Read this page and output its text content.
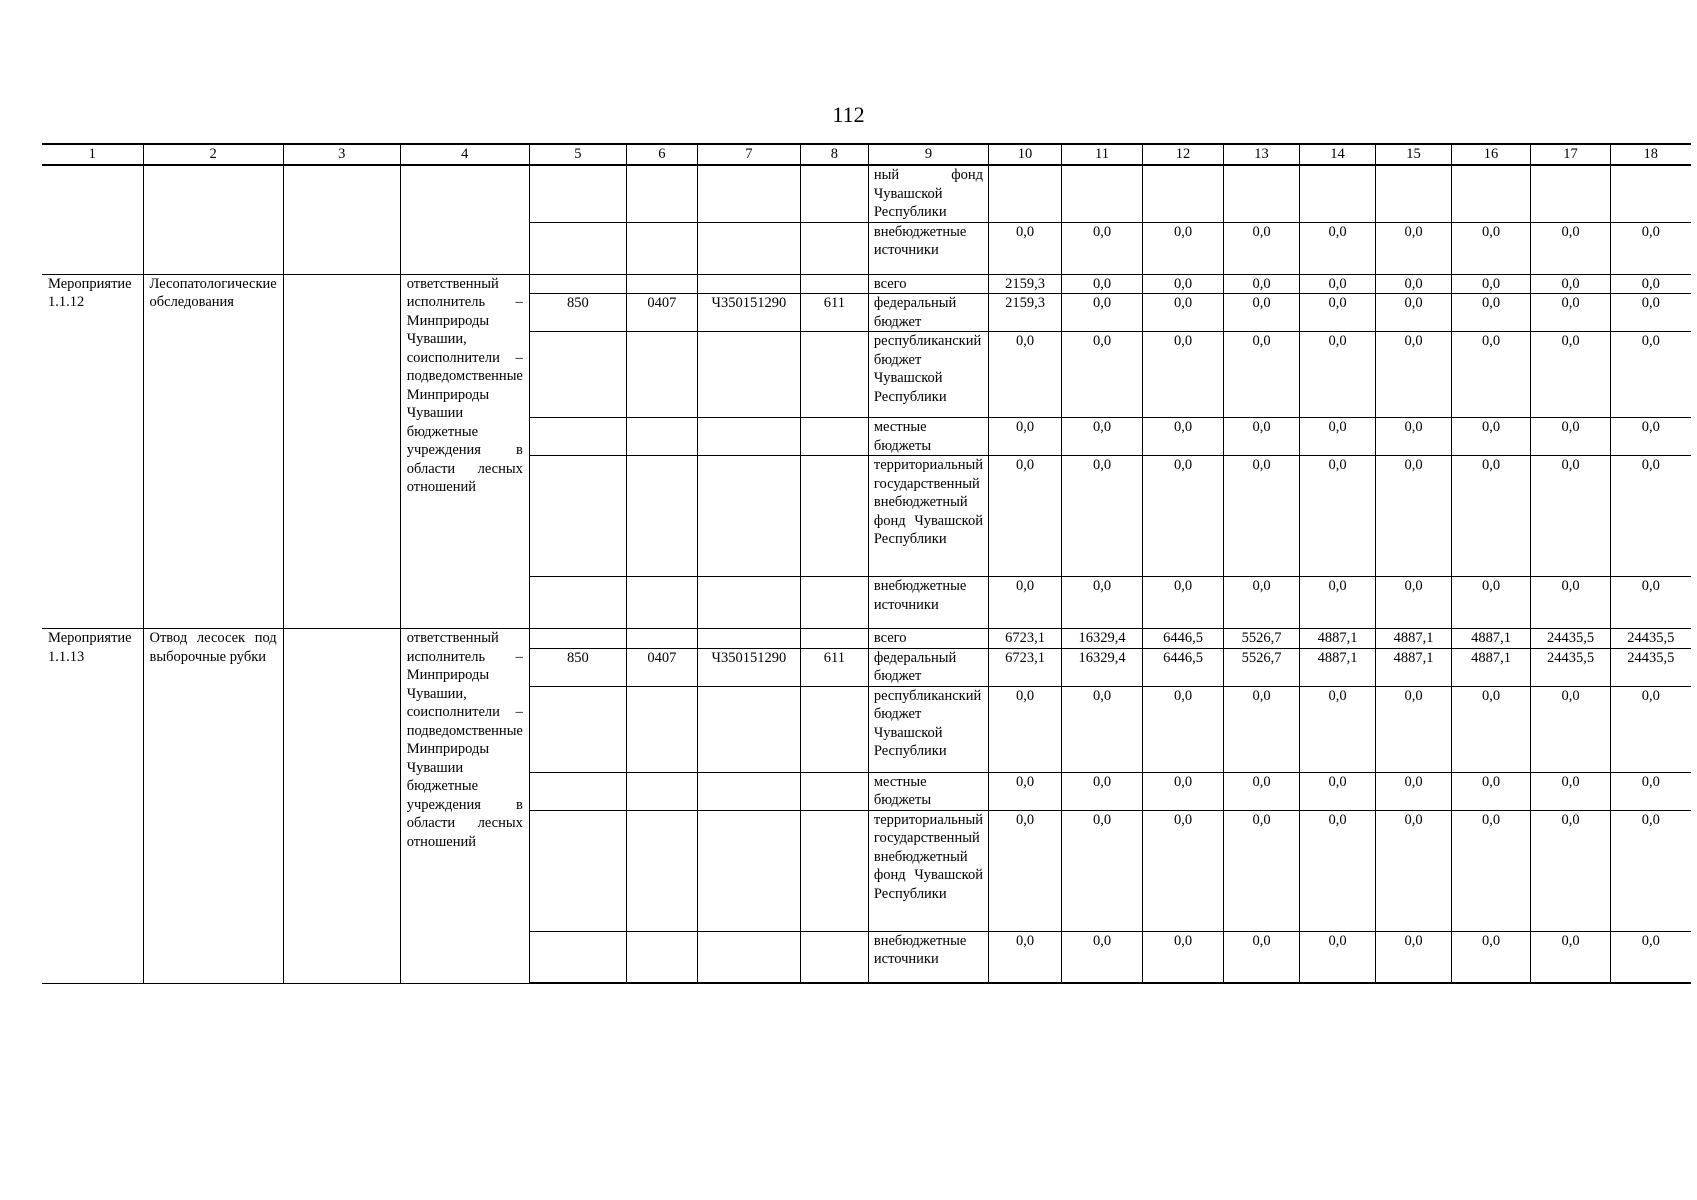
112
1	2	3	4	5	6	7	8	9	10	11	12	13	14	15	16	17	18
								ный фонд Чувашской Республики									
								внебюджетные источники	0,0	0,0	0,0	0,0	0,0	0,0	0,0	0,0	0,0
Мероприятие 1.1.12	Лесопатологические обследования		ответственный исполнитель – Минприроды Чувашии, соисполнители – подведомственные Минприроды Чувашии бюджетные учреждения в области лесных отношений					всего	2159,3	0,0	0,0	0,0	0,0	0,0	0,0	0,0	0,0
				850	0407	Ч350151290	611	федеральный бюджет	2159,3	0,0	0,0	0,0	0,0	0,0	0,0	0,0	0,0
								республиканский бюджет Чувашской Республики	0,0	0,0	0,0	0,0	0,0	0,0	0,0	0,0	0,0
								местные бюджеты	0,0	0,0	0,0	0,0	0,0	0,0	0,0	0,0	0,0
								территориальный государственный внебюджетный фонд Чувашской Республики	0,0	0,0	0,0	0,0	0,0	0,0	0,0	0,0	0,0
								внебюджетные источники	0,0	0,0	0,0	0,0	0,0	0,0	0,0	0,0	0,0
Мероприятие 1.1.13	Отвод лесосек под выборочные рубки		ответственный исполнитель – Минприроды Чувашии, соисполнители – подведомственные Минприроды Чувашии бюджетные учреждения в области лесных отношений					всего	6723,1	16329,4	6446,5	5526,7	4887,1	4887,1	4887,1	24435,5	24435,5
				850	0407	Ч350151290	611	федеральный бюджет	6723,1	16329,4	6446,5	5526,7	4887,1	4887,1	4887,1	24435,5	24435,5
								республиканский бюджет Чувашской Республики	0,0	0,0	0,0	0,0	0,0	0,0	0,0	0,0	0,0
								местные бюджеты	0,0	0,0	0,0	0,0	0,0	0,0	0,0	0,0	0,0
								территориальный государственный внебюджетный фонд Чувашской Республики	0,0	0,0	0,0	0,0	0,0	0,0	0,0	0,0	0,0
								внебюджетные источники	0,0	0,0	0,0	0,0	0,0	0,0	0,0	0,0	0,0
